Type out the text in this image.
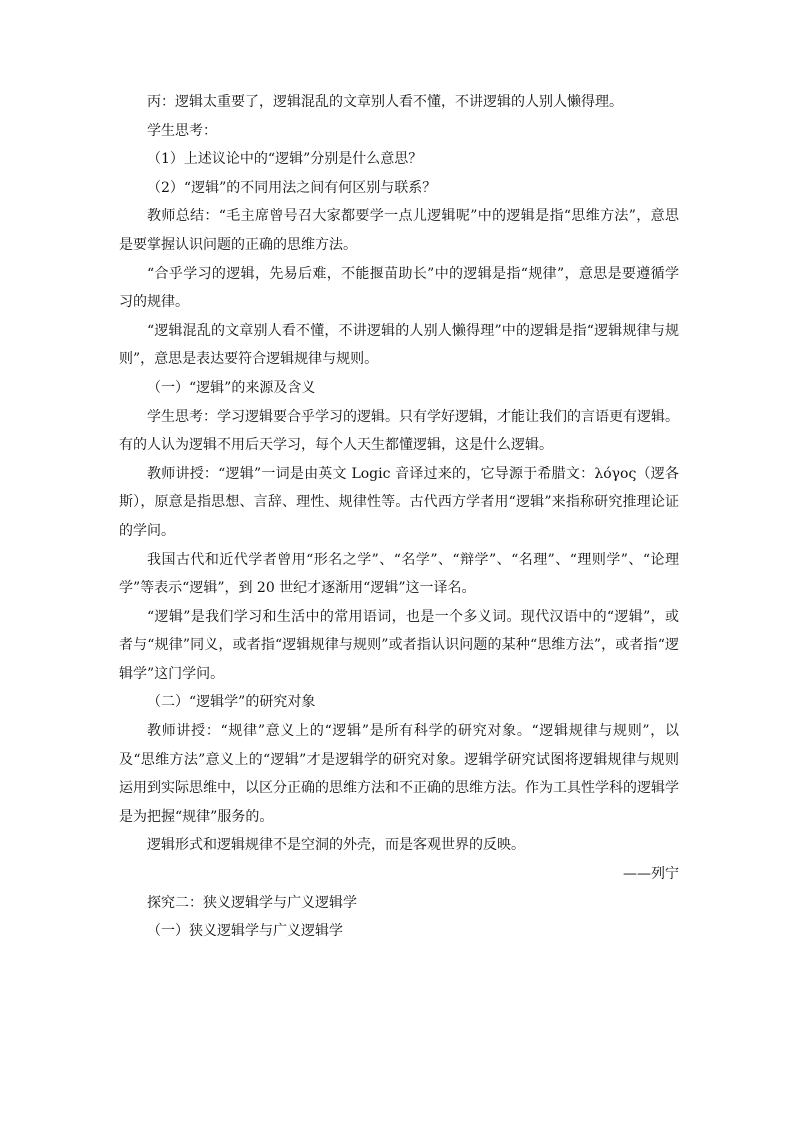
丙：逻辑太重要了，逻辑混乱的文章别人看不懂，不讲逻辑的人别人懒得理。

学生思考：

（1）上述议论中的“逻辑”分别是什么意思？

（2）“逻辑”的不同用法之间有何区别与联系？

教师总结：“毛主席曾号召大家都要学一点儿逻辑呢”中的逻辑是指“思维方法”，意思是要掌握认识问题的正确的思维方法。

“合乎学习的逻辑，先易后难，不能揠苗助长”中的逻辑是指“规律”，意思是要遵循学习的规律。

“逻辑混乱的文章别人看不懂，不讲逻辑的人别人懒得理”中的逻辑是指“逻辑规律与规则”，意思是表达要符合逻辑规律与规则。

（一）“逻辑”的来源及含义

学生思考：学习逻辑要合乎学习的逻辑。只有学好逻辑，才能让我们的言语更有逻辑。有的人认为逻辑不用后天学习，每个人天生都懂逻辑，这是什么逻辑。

教师讲授：“逻辑”一词是由英文 Logic 音译过来的，它导源于希腊文：λόγος（逻各斯），原意是指思想、言辞、理性、规律性等。古代西方学者用“逻辑”来指称研究推理论证的学问。

我国古代和近代学者曾用“形名之学”、“名学”、“辩学”、“名理”、“理则学”、“论理学”等表示“逻辑”，到 20 世纪才逐渐用“逻辑”这一译名。

“逻辑”是我们学习和生活中的常用语词，也是一个多义词。现代汉语中的“逻辑”，或者与“规律”同义，或者指“逻辑规律与规则”或者指认识问题的某种“思维方法”，或者指“逻辑学”这门学问。

（二）“逻辑学”的研究对象

教师讲授：“规律”意义上的“逻辑”是所有科学的研究对象。“逻辑规律与规则”，以及“思维方法”意义上的“逻辑”才是逻辑学的研究对象。逻辑学研究试图将逻辑规律与规则运用到实际思维中，以区分正确的思维方法和不正确的思维方法。作为工具性学科的逻辑学是为把握“规律”服务的。

逻辑形式和逻辑规律不是空洞的外壳，而是客观世界的反映。

——列宁

探究二：狭义逻辑学与广义逻辑学

（一）狭义逻辑学与广义逻辑学
